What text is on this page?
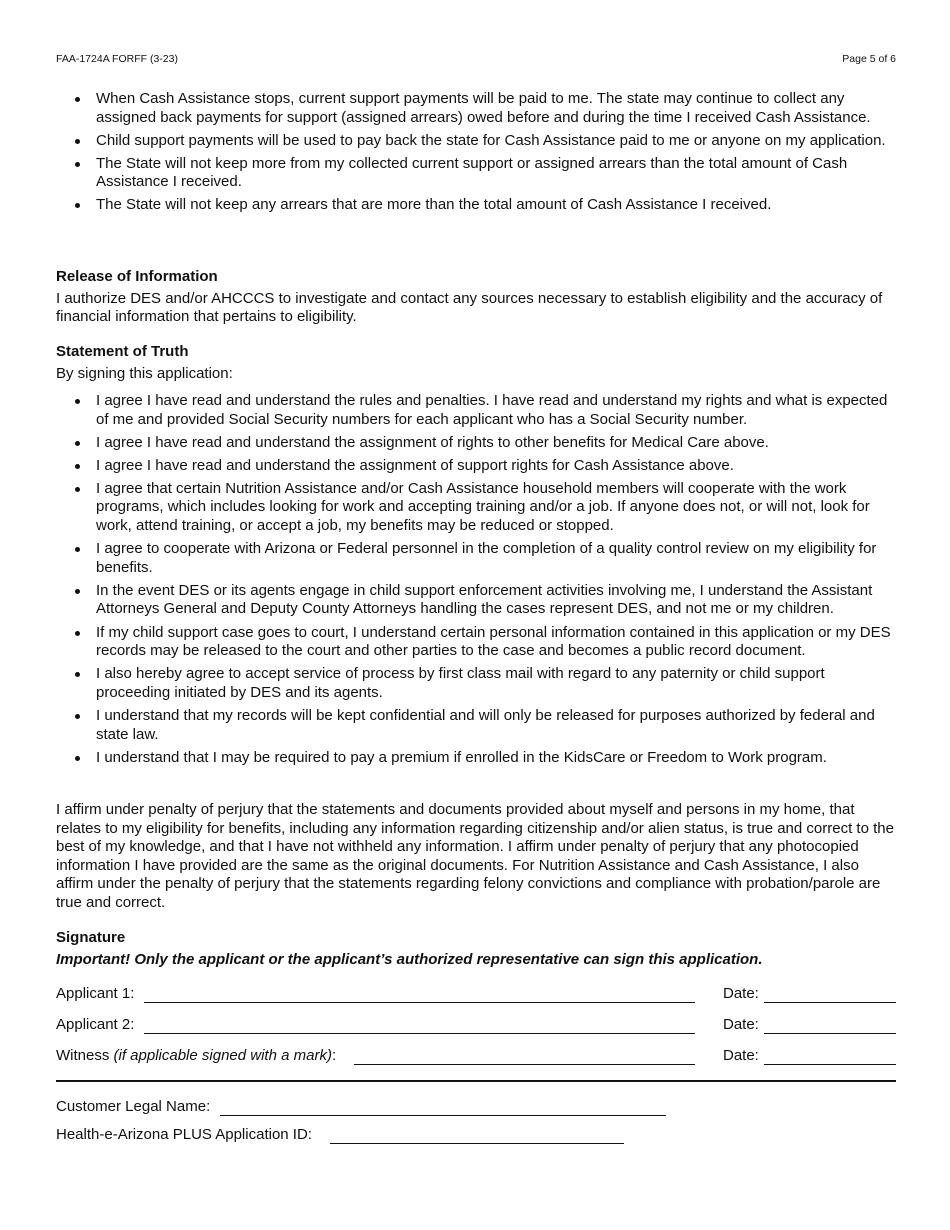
FAA-1724A FORFF (3-23)	Page 5 of 6
When Cash Assistance stops, current support payments will be paid to me. The state may continue to collect any assigned back payments for support (assigned arrears) owed before and during the time I received Cash Assistance.
Child support payments will be used to pay back the state for Cash Assistance paid to me or anyone on my application.
The State will not keep more from my collected current support or assigned arrears than the total amount of Cash Assistance I received.
The State will not keep any arrears that are more than the total amount of Cash Assistance I received.
Release of Information
I authorize DES and/or AHCCCS to investigate and contact any sources necessary to establish eligibility and the accuracy of financial information that pertains to eligibility.
Statement of Truth
By signing this application:
I agree I have read and understand the rules and penalties. I have read and understand my rights and what is expected of me and provided Social Security numbers for each applicant who has a Social Security number.
I agree I have read and understand the assignment of rights to other benefits for Medical Care above.
I agree I have read and understand the assignment of support rights for Cash Assistance above.
I agree that certain Nutrition Assistance and/or Cash Assistance household members will cooperate with the work programs, which includes looking for work and accepting training and/or a job. If anyone does not, or will not, look for work, attend training, or accept a job, my benefits may be reduced or stopped.
I agree to cooperate with Arizona or Federal personnel in the completion of a quality control review on my eligibility for benefits.
In the event DES or its agents engage in child support enforcement activities involving me, I understand the Assistant Attorneys General and Deputy County Attorneys handling the cases represent DES, and not me or my children.
If my child support case goes to court, I understand certain personal information contained in this application or my DES records may be released to the court and other parties to the case and becomes a public record document.
I also hereby agree to accept service of process by first class mail with regard to any paternity or child support proceeding initiated by DES and its agents.
I understand that my records will be kept confidential and will only be released for purposes authorized by federal and state law.
I understand that I may be required to pay a premium if enrolled in the KidsCare or Freedom to Work program.
I affirm under penalty of perjury that the statements and documents provided about myself and persons in my home, that relates to my eligibility for benefits, including any information regarding citizenship and/or alien status, is true and correct to the best of my knowledge, and that I have not withheld any information. I affirm under penalty of perjury that any photocopied information I have provided are the same as the original documents. For Nutrition Assistance and Cash Assistance, I also affirm under the penalty of perjury that the statements regarding felony convictions and compliance with probation/parole are true and correct.
Signature
Important! Only the applicant or the applicant’s authorized representative can sign this application.
Applicant 1:	Date:
Applicant 2:	Date:
Witness (if applicable signed with a mark):	Date:
Customer Legal Name:
Health-e-Arizona PLUS Application ID:
